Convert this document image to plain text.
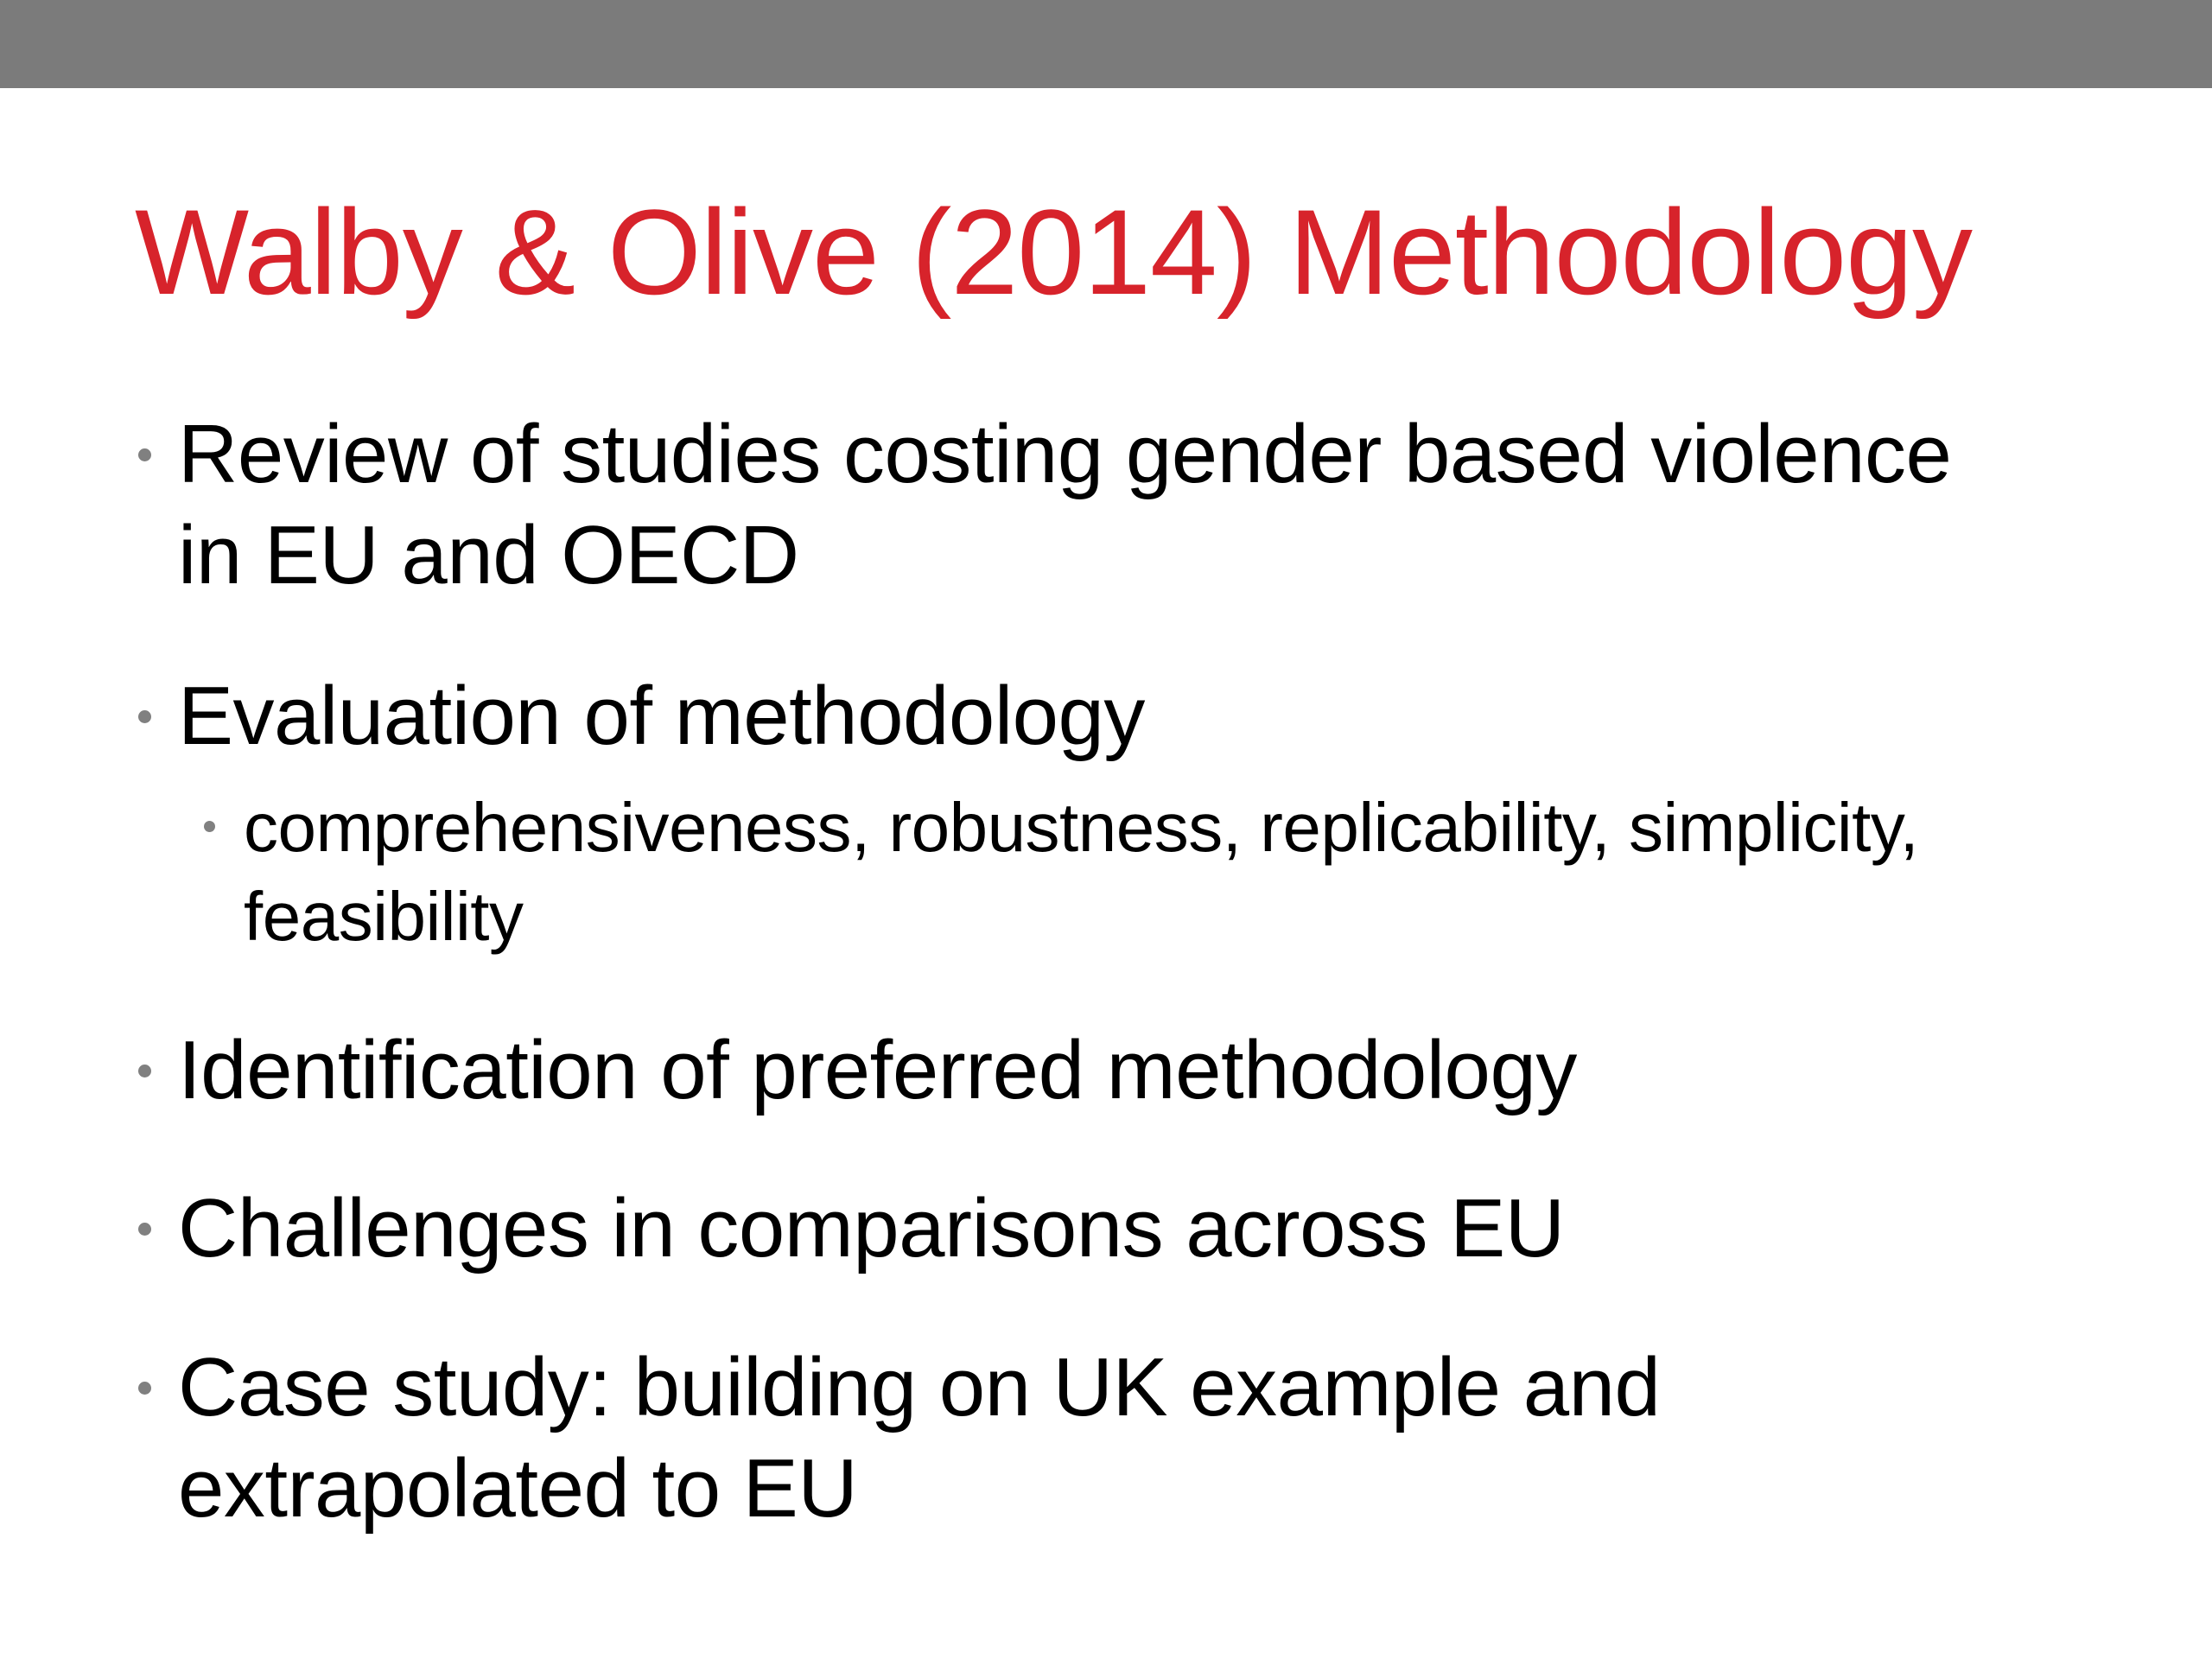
Walby & Olive (2014) Methodology
Review of studies costing gender based violence
in EU and OECD
Evaluation of methodology
comprehensiveness, robustness, replicability, simplicity,
feasibility
Identification of preferred methodology
Challenges in comparisons across EU
Case study: building on UK example and
extrapolated to EU
